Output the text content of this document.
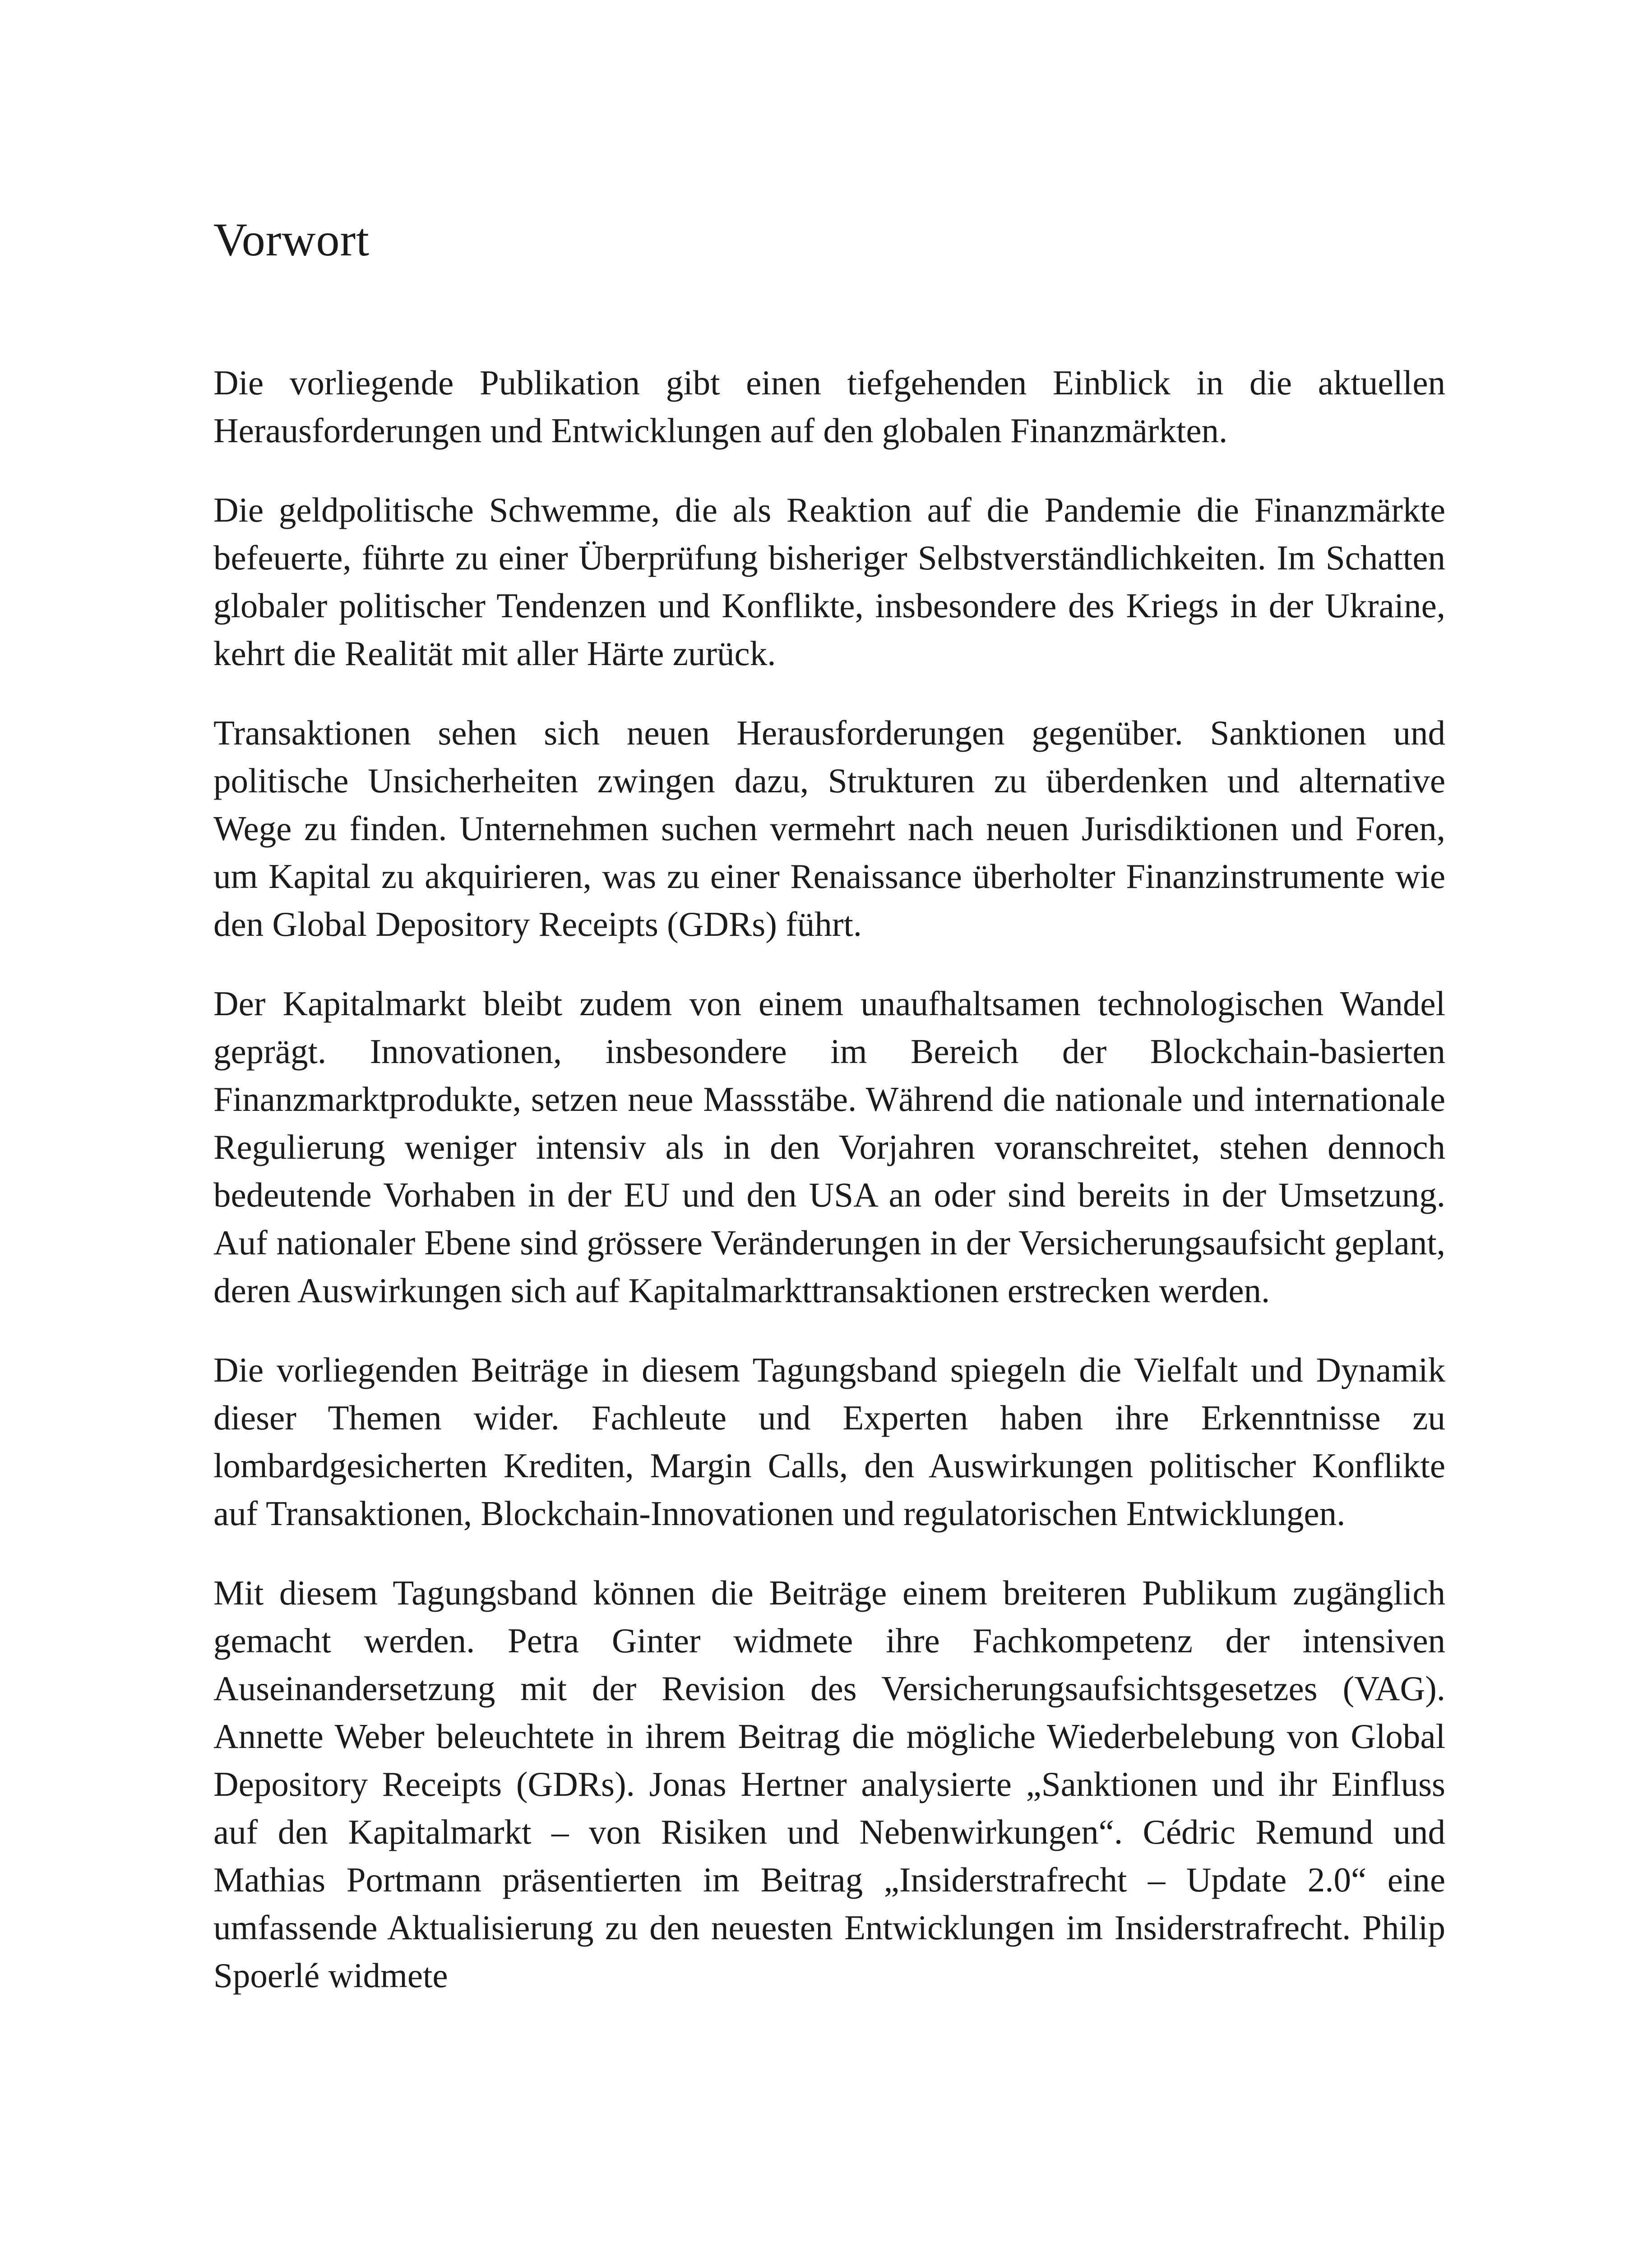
Vorwort

Die vorliegende Publikation gibt einen tiefgehenden Einblick in die aktuellen Herausforderungen und Entwicklungen auf den globalen Finanzmärkten.

Die geldpolitische Schwemme, die als Reaktion auf die Pandemie die Finanzmärkte befeuerte, führte zu einer Überprüfung bisheriger Selbstverständlichkeiten. Im Schatten globaler politischer Tendenzen und Konflikte, insbesondere des Kriegs in der Ukraine, kehrt die Realität mit aller Härte zurück.

Transaktionen sehen sich neuen Herausforderungen gegenüber. Sanktionen und politische Unsicherheiten zwingen dazu, Strukturen zu überdenken und alternative Wege zu finden. Unternehmen suchen vermehrt nach neuen Jurisdiktionen und Foren, um Kapital zu akquirieren, was zu einer Renaissance überholter Finanzinstrumente wie den Global Depository Receipts (GDRs) führt.

Der Kapitalmarkt bleibt zudem von einem unaufhaltsamen technologischen Wandel geprägt. Innovationen, insbesondere im Bereich der Blockchain-basierten Finanzmarktprodukte, setzen neue Massstäbe. Während die nationale und internationale Regulierung weniger intensiv als in den Vorjahren voranschreitet, stehen dennoch bedeutende Vorhaben in der EU und den USA an oder sind bereits in der Umsetzung. Auf nationaler Ebene sind grössere Veränderungen in der Versicherungsaufsicht geplant, deren Auswirkungen sich auf Kapitalmarkttransaktionen erstrecken werden.

Die vorliegenden Beiträge in diesem Tagungsband spiegeln die Vielfalt und Dynamik dieser Themen wider. Fachleute und Experten haben ihre Erkenntnisse zu lombardgesicherten Krediten, Margin Calls, den Auswirkungen politischer Konflikte auf Transaktionen, Blockchain-Innovationen und regulatorischen Entwicklungen.

Mit diesem Tagungsband können die Beiträge einem breiteren Publikum zugänglich gemacht werden. Petra Ginter widmete ihre Fachkompetenz der intensiven Auseinandersetzung mit der Revision des Versicherungsaufsichtsgesetzes (VAG). Annette Weber beleuchtete in ihrem Beitrag die mögliche Wiederbelebung von Global Depository Receipts (GDRs). Jonas Hertner analysierte „Sanktionen und ihr Einfluss auf den Kapitalmarkt – von Risiken und Nebenwirkungen“. Cédric Remund und Mathias Portmann präsentierten im Beitrag „Insiderstrafrecht – Update 2.0“ eine umfassende Aktualisierung zu den neuesten Entwicklungen im Insiderstrafrecht. Philip Spoerlé widmete
